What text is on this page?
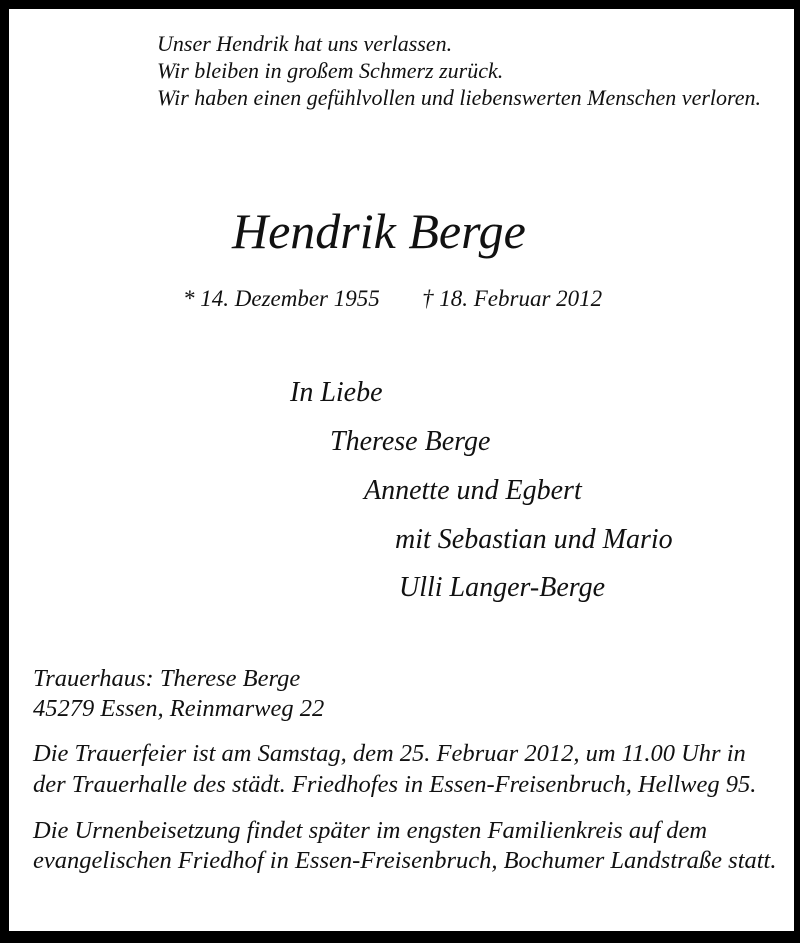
Unser Hendrik hat uns verlassen.
Wir bleiben in großem Schmerz zurück.
Wir haben einen gefühlvollen und liebenswerten Menschen verloren.
Hendrik Berge
* 14. Dezember 1955 † 18. Februar 2012
In Liebe
Therese Berge
Annette und Egbert
mit Sebastian und Mario
Ulli Langer-Berge
Trauerhaus: Therese Berge
45279 Essen, Reinmarweg 22
Die Trauerfeier ist am Samstag, dem 25. Februar 2012, um 11.00 Uhr in
der Trauerhalle des städt. Friedhofes in Essen-Freisenbruch, Hellweg 95.
Die Urnenbeisetzung findet später im engsten Familienkreis auf dem
evangelischen Friedhof in Essen-Freisenbruch, Bochumer Landstraße statt.
